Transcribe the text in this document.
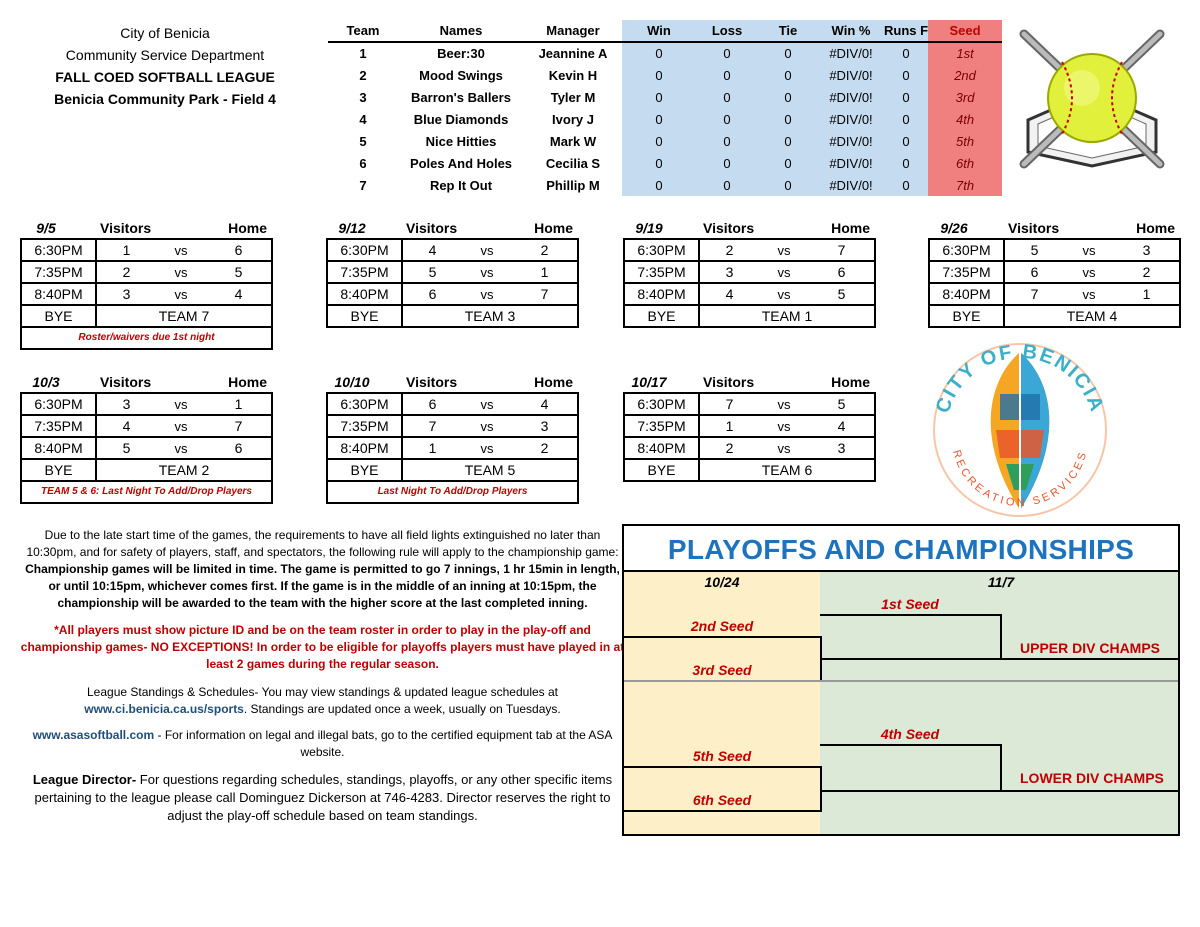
City of Benicia
Community Service Department
FALL COED SOFTBALL LEAGUE
Benicia Community Park - Field 4
Team	Names	Manager	Win	Loss	Tie	Win %	Runs F	Seed
1	Beer:30	Jeannine A	0	0	0	#DIV/0!	0	1st
2	Mood Swings	Kevin H	0	0	0	#DIV/0!	0	2nd
3	Barron's Ballers	Tyler M	0	0	0	#DIV/0!	0	3rd
4	Blue Diamonds	Ivory J	0	0	0	#DIV/0!	0	4th
5	Nice Hitties	Mark W	0	0	0	#DIV/0!	0	5th
6	Poles And Holes	Cecilia S	0	0	0	#DIV/0!	0	6th
7	Rep It Out	Phillip M	0	0	0	#DIV/0!	0	7th
9/5	Visitors	Home
6:30PM	1	vs	6
7:35PM	2	vs	5
8:40PM	3	vs	4
BYE	TEAM 7		
Roster/waivers due 1st night
9/12	Visitors	Home
6:30PM	4	vs	2
7:35PM	5	vs	1
8:40PM	6	vs	7
BYE	TEAM 3		
9/19	Visitors	Home
6:30PM	2	vs	7
7:35PM	3	vs	6
8:40PM	4	vs	5
BYE	TEAM 1		
9/26	Visitors	Home
6:30PM	5	vs	3
7:35PM	6	vs	2
8:40PM	7	vs	1
BYE	TEAM 4		
10/3	Visitors	Home
6:30PM	3	vs	1
7:35PM	4	vs	7
8:40PM	5	vs	6
BYE	TEAM 2		
TEAM 5 & 6: Last Night To Add/Drop Players
10/10	Visitors	Home
6:30PM	6	vs	4
7:35PM	7	vs	3
8:40PM	1	vs	2
BYE	TEAM 5		
Last Night To Add/Drop Players
10/17	Visitors	Home
6:30PM	7	vs	5
7:35PM	1	vs	4
8:40PM	2	vs	3
BYE	TEAM 6		
CITY OF BENICIA
RECREATION SERVICES
Due to the late start time of the games, the requirements to have all field lights extinguished no later than 10:30pm, and for safety of players, staff, and spectators, the following rule will apply to the championship game: Championship games will be limited in time. The game is permitted to go 7 innings, 1 hr 15min in length, or until 10:15pm, whichever comes first. If the game is in the middle of an inning at 10:15pm, the championship will be awarded to the team with the higher score at the last completed inning.
*All players must show picture ID and be on the team roster in order to play in the play-off and championship games- NO EXCEPTIONS! In order to be eligible for playoffs players must have played in at least 2 games during the regular season.
League Standings & Schedules- You may view standings & updated league schedules at
www.ci.benicia.ca.us/sports. Standings are updated once a week, usually on Tuesdays.
www.asasoftball.com - For information on legal and illegal bats, go to the certified equipment tab at the ASA website.
League Director- For questions regarding schedules, standings, playoffs, or any other specific items pertaining to the league please call Dominguez Dickerson at 746-4283. Director reserves the right to adjust the play-off schedule based on team standings.
PLAYOFFS AND CHAMPIONSHIPS
10/24	11/7
1st Seed
2nd Seed
3rd Seed
UPPER DIV CHAMPS
4th Seed
5th Seed
6th Seed
LOWER DIV CHAMPS
